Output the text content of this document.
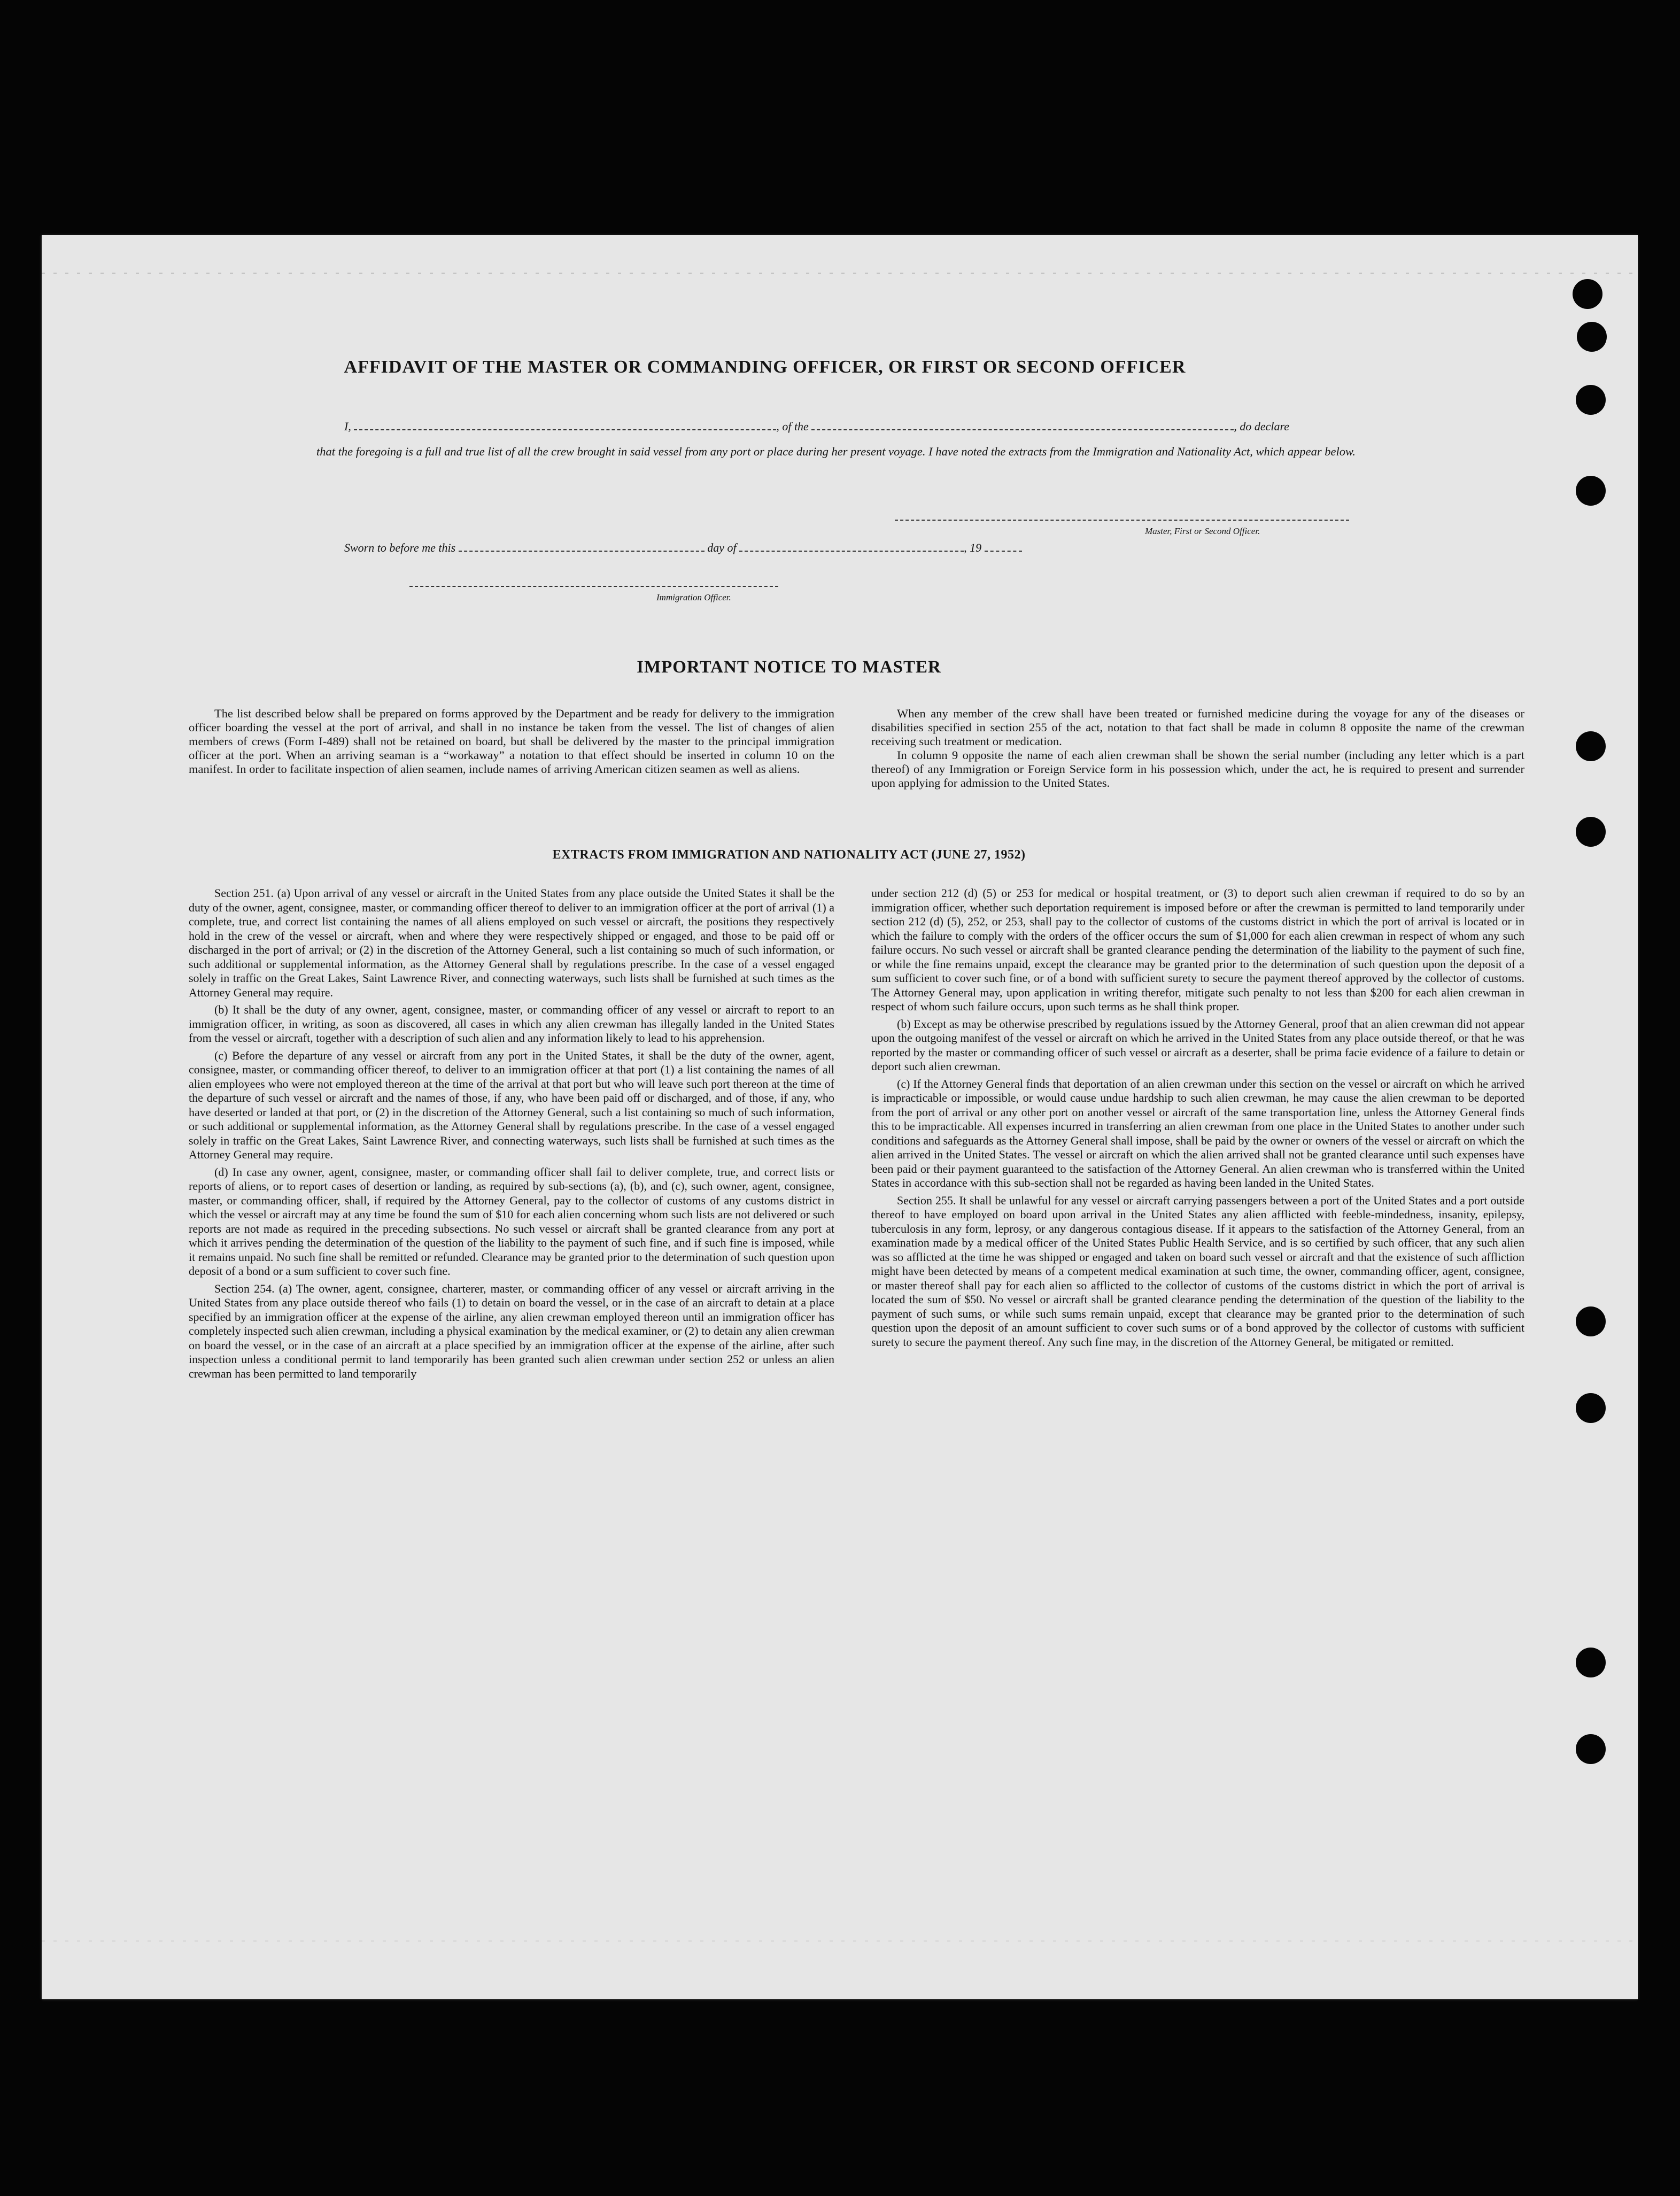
AFFIDAVIT OF THE MASTER OR COMMANDING OFFICER, OR FIRST OR SECOND OFFICER
I,	, of the	, do declare
that the foregoing is a full and true list of all the crew brought in said vessel from any port or place during her present voyage. I have noted the extracts from the Immigration and Nationality Act, which appear below.
Master, First or Second Officer.
Sworn to before me this	day of	, 19
Immigration Officer.
IMPORTANT NOTICE TO MASTER

The list described below shall be prepared on forms approved by the Department and be ready for delivery to the immigration officer boarding the vessel at the port of arrival, and shall in no instance be taken from the vessel. The list of changes of alien members of crews (Form I-489) shall not be retained on board, but shall be delivered by the master to the principal immigration officer at the port. When an arriving seaman is a “workaway” a notation to that effect should be inserted in column 10 on the manifest. In order to facilitate inspection of alien seamen, include names of arriving American citizen seamen as well as aliens.

When any member of the crew shall have been treated or furnished medicine during the voyage for any of the diseases or disabilities specified in section 255 of the act, notation to that fact shall be made in column 8 opposite the name of the crewman receiving such treatment or medication.

In column 9 opposite the name of each alien crewman shall be shown the serial number (including any letter which is a part thereof) of any Immigration or Foreign Service form in his possession which, under the act, he is required to present and surrender upon applying for admission to the United States.

EXTRACTS FROM IMMIGRATION AND NATIONALITY ACT (JUNE 27, 1952)

Section 251. (a) Upon arrival of any vessel or aircraft in the United States from any place outside the United States it shall be the duty of the owner, agent, consignee, master, or commanding officer thereof to deliver to an immigration officer at the port of arrival (1) a complete, true, and correct list containing the names of all aliens employed on such vessel or aircraft, the positions they respectively hold in the crew of the vessel or aircraft, when and where they were respectively shipped or engaged, and those to be paid off or discharged in the port of arrival; or (2) in the discretion of the Attorney General, such a list containing so much of such information, or such additional or supplemental information, as the Attorney General shall by regulations prescribe. In the case of a vessel engaged solely in traffic on the Great Lakes, Saint Lawrence River, and connecting waterways, such lists shall be furnished at such times as the Attorney General may require.

(b) It shall be the duty of any owner, agent, consignee, master, or commanding officer of any vessel or aircraft to report to an immigration officer, in writing, as soon as discovered, all cases in which any alien crewman has illegally landed in the United States from the vessel or aircraft, together with a description of such alien and any information likely to lead to his apprehension.

(c) Before the departure of any vessel or aircraft from any port in the United States, it shall be the duty of the owner, agent, consignee, master, or commanding officer thereof, to deliver to an immigration officer at that port (1) a list containing the names of all alien employees who were not employed thereon at the time of the arrival at that port but who will leave such port thereon at the time of the departure of such vessel or aircraft and the names of those, if any, who have been paid off or discharged, and of those, if any, who have deserted or landed at that port, or (2) in the discretion of the Attorney General, such a list containing so much of such information, or such additional or supplemental information, as the Attorney General shall by regulations prescribe. In the case of a vessel engaged solely in traffic on the Great Lakes, Saint Lawrence River, and connecting waterways, such lists shall be furnished at such times as the Attorney General may require.

(d) In case any owner, agent, consignee, master, or commanding officer shall fail to deliver complete, true, and correct lists or reports of aliens, or to report cases of desertion or landing, as required by sub-sections (a), (b), and (c), such owner, agent, consignee, master, or commanding officer, shall, if required by the Attorney General, pay to the collector of customs of any customs district in which the vessel or aircraft may at any time be found the sum of $10 for each alien concerning whom such lists are not delivered or such reports are not made as required in the preceding subsections. No such vessel or aircraft shall be granted clearance from any port at which it arrives pending the determination of the question of the liability to the payment of such fine, and if such fine is imposed, while it remains unpaid. No such fine shall be remitted or refunded. Clearance may be granted prior to the determination of such question upon deposit of a bond or a sum sufficient to cover such fine.

Section 254. (a) The owner, agent, consignee, charterer, master, or commanding officer of any vessel or aircraft arriving in the United States from any place outside thereof who fails (1) to detain on board the vessel, or in the case of an aircraft to detain at a place specified by an immigration officer at the expense of the airline, any alien crewman employed thereon until an immigration officer has completely inspected such alien crewman, including a physical examination by the medical examiner, or (2) to detain any alien crewman on board the vessel, or in the case of an aircraft at a place specified by an immigration officer at the expense of the airline, after such inspection unless a conditional permit to land temporarily has been granted such alien crewman under section 252 or unless an alien crewman has been permitted to land temporarily

under section 212 (d) (5) or 253 for medical or hospital treatment, or (3) to deport such alien crewman if required to do so by an immigration officer, whether such deportation requirement is imposed before or after the crewman is permitted to land temporarily under section 212 (d) (5), 252, or 253, shall pay to the collector of customs of the customs district in which the port of arrival is located or in which the failure to comply with the orders of the officer occurs the sum of $1,000 for each alien crewman in respect of whom any such failure occurs. No such vessel or aircraft shall be granted clearance pending the determination of the liability to the payment of such fine, or while the fine remains unpaid, except the clearance may be granted prior to the determination of such question upon the deposit of a sum sufficient to cover such fine, or of a bond with sufficient surety to secure the payment thereof approved by the collector of customs. The Attorney General may, upon application in writing therefor, mitigate such penalty to not less than $200 for each alien crewman in respect of whom such failure occurs, upon such terms as he shall think proper.

(b) Except as may be otherwise prescribed by regulations issued by the Attorney General, proof that an alien crewman did not appear upon the outgoing manifest of the vessel or aircraft on which he arrived in the United States from any place outside thereof, or that he was reported by the master or commanding officer of such vessel or aircraft as a deserter, shall be prima facie evidence of a failure to detain or deport such alien crewman.

(c) If the Attorney General finds that deportation of an alien crewman under this section on the vessel or aircraft on which he arrived is impracticable or impossible, or would cause undue hardship to such alien crewman, he may cause the alien crewman to be deported from the port of arrival or any other port on another vessel or aircraft of the same transportation line, unless the Attorney General finds this to be impracticable. All expenses incurred in transferring an alien crewman from one place in the United States to another under such conditions and safeguards as the Attorney General shall impose, shall be paid by the owner or owners of the vessel or aircraft on which the alien arrived in the United States. The vessel or aircraft on which the alien arrived shall not be granted clearance until such expenses have been paid or their payment guaranteed to the satisfaction of the Attorney General. An alien crewman who is transferred within the United States in accordance with this sub-section shall not be regarded as having been landed in the United States.

Section 255. It shall be unlawful for any vessel or aircraft carrying passengers between a port of the United States and a port outside thereof to have employed on board upon arrival in the United States any alien afflicted with feeble-mindedness, insanity, epilepsy, tuberculosis in any form, leprosy, or any dangerous contagious disease. If it appears to the satisfaction of the Attorney General, from an examination made by a medical officer of the United States Public Health Service, and is so certified by such officer, that any such alien was so afflicted at the time he was shipped or engaged and taken on board such vessel or aircraft and that the existence of such affliction might have been detected by means of a competent medical examination at such time, the owner, commanding officer, agent, consignee, or master thereof shall pay for each alien so afflicted to the collector of customs of the customs district in which the port of arrival is located the sum of $50. No vessel or aircraft shall be granted clearance pending the determination of the question of the liability to the payment of such sums, or while such sums remain unpaid, except that clearance may be granted prior to the determination of such question upon the deposit of an amount sufficient to cover such sums or of a bond approved by the collector of customs with sufficient surety to secure the payment thereof. Any such fine may, in the discretion of the Attorney General, be mitigated or remitted.
